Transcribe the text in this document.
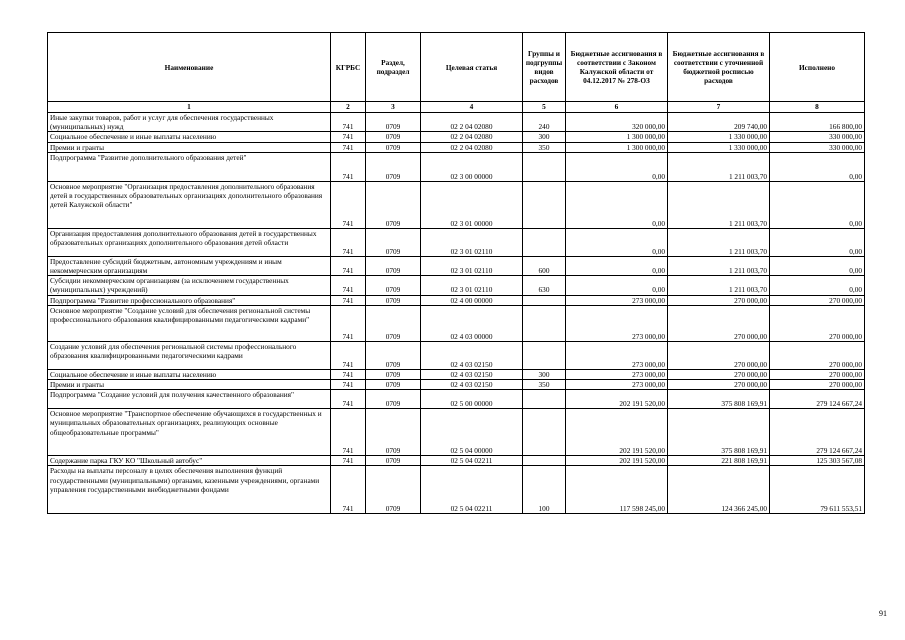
Наименование	КГРБС	Раздел, подраздел	Целевая статья	Группы и подгруппы видов расходов	Бюджетные ассигнования в соответствии с Законом Калужской области от 04.12.2017 № 278-ОЗ	Бюджетные ассигнования в соответствии с уточненной бюджетной росписью расходов	Исполнено
1	2	3	4	5	6	7	8
Иные закупки товаров, работ и услуг для обеспечения государственных (муниципальных) нужд	741	0709	02 2 04 02080	240	320 000,00	209 740,00	166 800,00
Социальное обеспечение и иные выплаты населению	741	0709	02 2 04 02080	300	1 300 000,00	1 330 000,00	330 000,00
Премии и гранты	741	0709	02 2 04 02080	350	1 300 000,00	1 330 000,00	330 000,00
Подпрограмма "Развитие дополнительного образования детей"	741	0709	02 3 00 00000		0,00	1 211 003,70	0,00
Основное мероприятие "Организация предоставления дополнительного образования детей в государственных образовательных организациях дополнительного образования детей Калужской области"	741	0709	02 3 01 00000		0,00	1 211 003,70	0,00
Организация предоставления дополнительного образования детей в государственных образовательных организациях дополнительного образования детей области	741	0709	02 3 01 02110		0,00	1 211 003,70	0,00
Предоставление субсидий бюджетным, автономным учреждениям и иным некоммерческим организациям	741	0709	02 3 01 02110	600	0,00	1 211 003,70	0,00
Субсидии некоммерческим организациям (за исключением государственных (муниципальных) учреждений)	741	0709	02 3 01 02110	630	0,00	1 211 003,70	0,00
Подпрограмма "Развитие профессионального образования"	741	0709	02 4 00 00000		273 000,00	270 000,00	270 000,00
Основное мероприятие "Создание условий для обеспечения региональной системы профессионального образования квалифицированными педагогическими кадрами"	741	0709	02 4 03 00000		273 000,00	270 000,00	270 000,00
Создание условий для обеспечения региональной системы профессионального образования квалифицированными педагогическими кадрами	741	0709	02 4 03 02150		273 000,00	270 000,00	270 000,00
Социальное обеспечение и иные выплаты населению	741	0709	02 4 03 02150	300	273 000,00	270 000,00	270 000,00
Премии и гранты	741	0709	02 4 03 02150	350	273 000,00	270 000,00	270 000,00
Подпрограмма "Создание условий для получения качественного образования"	741	0709	02 5 00 00000		202 191 520,00	375 808 169,91	279 124 667,24
Основное мероприятие "Транспортное обеспечение обучающихся в государственных и муниципальных образовательных организациях, реализующих основные общеобразовательные программы"	741	0709	02 5 04 00000		202 191 520,00	375 808 169,91	279 124 667,24
Содержание парка ГКУ КО "Школьный автобус"	741	0709	02 5 04 02211		202 191 520,00	221 808 169,91	125 303 567,08
Расходы на выплаты персоналу в целях обеспечения выполнения функций государственными (муниципальными) органами, казенными учреждениями, органами управления государственными внебюджетными фондами	741	0709	02 5 04 02211	100	117 598 245,00	124 366 245,00	79 611 553,51
91
